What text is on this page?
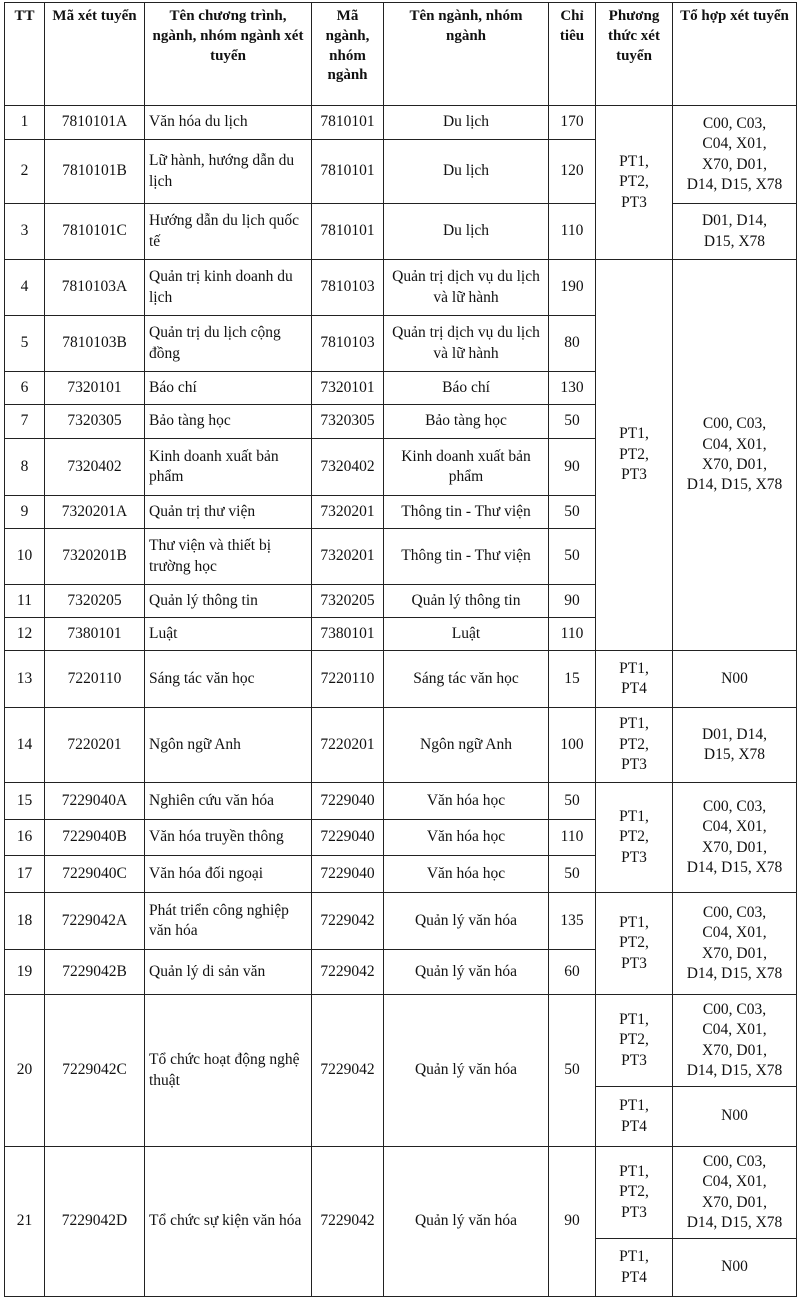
TT	Mã xét tuyển	Tên chương trình, ngành, nhóm ngành xét tuyển	Mã ngành, nhóm ngành	Tên ngành, nhóm ngành	Chỉ tiêu	Phương thức xét tuyển	Tổ hợp xét tuyển
1	7810101A	Văn hóa du lịch	7810101	Du lịch	170	PT1,
PT2,
PT3	C00, C03,
C04, X01,
X70, D01,
D14, D15, X78
2	7810101B	Lữ hành, hướng dẫn du lịch	7810101	Du lịch	120		
3	7810101C	Hướng dẫn du lịch quốc tế	7810101	Du lịch	110		D01, D14,
D15, X78
4	7810103A	Quản trị kinh doanh du lịch	7810103	Quản trị dịch vụ du lịch và lữ hành	190	PT1,
PT2,
PT3	C00, C03,
C04, X01,
X70, D01,
D14, D15, X78
5	7810103B	Quản trị du lịch cộng đồng	7810103	Quản trị dịch vụ du lịch và lữ hành	80		
6	7320101	Báo chí	7320101	Báo chí	130		
7	7320305	Bảo tàng học	7320305	Bảo tàng học	50		
8	7320402	Kinh doanh xuất bản phẩm	7320402	Kinh doanh xuất bản phẩm	90		
9	7320201A	Quản trị thư viện	7320201	Thông tin - Thư viện	50		
10	7320201B	Thư viện và thiết bị trường học	7320201	Thông tin - Thư viện	50		
11	7320205	Quản lý thông tin	7320205	Quản lý thông tin	90		
12	7380101	Luật	7380101	Luật	110		
13	7220110	Sáng tác văn học	7220110	Sáng tác văn học	15	PT1,
PT4	N00
14	7220201	Ngôn ngữ Anh	7220201	Ngôn ngữ Anh	100	PT1,
PT2,
PT3	D01, D14,
D15, X78
15	7229040A	Nghiên cứu văn hóa	7229040	Văn hóa học	50	PT1,
PT2,
PT3	C00, C03,
C04, X01,
X70, D01,
D14, D15, X78
16	7229040B	Văn hóa truyền thông	7229040	Văn hóa học	110		
17	7229040C	Văn hóa đối ngoại	7229040	Văn hóa học	50		
18	7229042A	Phát triển công nghiệp văn hóa	7229042	Quản lý văn hóa	135	PT1,
PT2,
PT3	C00, C03,
C04, X01,
X70, D01,
D14, D15, X78
19	7229042B	Quản lý di sản văn	7229042	Quản lý văn hóa	60		
20	7229042C	Tổ chức hoạt động nghệ thuật	7229042	Quản lý văn hóa	50	PT1,
PT2,
PT3	C00, C03,
C04, X01,
X70, D01,
D14, D15, X78
						PT1,
PT4	N00
21	7229042D	Tổ chức sự kiện văn hóa	7229042	Quản lý văn hóa	90	PT1,
PT2,
PT3	C00, C03,
C04, X01,
X70, D01,
D14, D15, X78
						PT1,
PT4	N00
